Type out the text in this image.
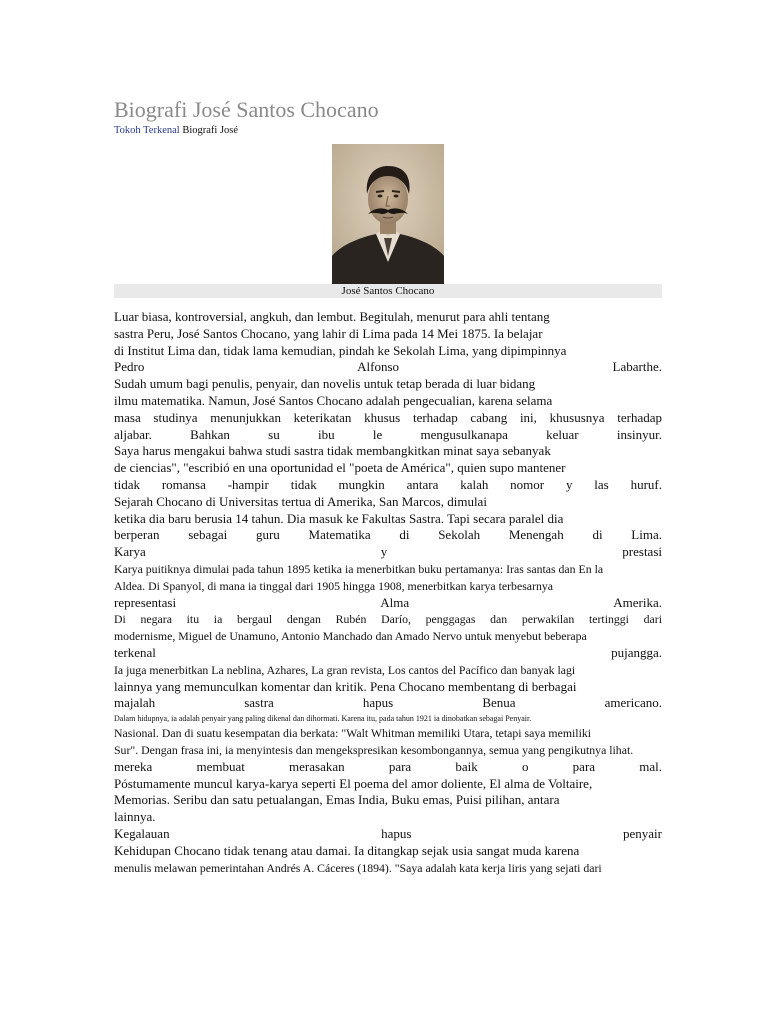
Biografi José Santos Chocano
Tokoh Terkenal Biografi José
José Santos Chocano
Luar biasa, kontroversial, angkuh, dan lembut. Begitulah, menurut para ahli tentang
sastra Peru, José Santos Chocano, yang lahir di Lima pada 14 Mei 1875. Ia belajar
di Institut Lima dan, tidak lama kemudian, pindah ke Sekolah Lima, yang dipimpinnya
Pedro Alfonso Labarthe.
Sudah umum bagi penulis, penyair, dan novelis untuk tetap berada di luar bidang
ilmu matematika. Namun, José Santos Chocano adalah pengecualian, karena selama
masa studinya menunjukkan keterikatan khusus terhadap cabang ini, khususnya terhadap
aljabar. Bahkan su ibu le mengusulkanapa keluar insinyur.
Saya harus mengakui bahwa studi sastra tidak membangkitkan minat saya sebanyak
de ciencias", "escribió en una oportunidad el "poeta de América", quien supo mantener
tidak romansa -hampir tidak mungkin antara kalah nomor y las huruf.
Sejarah Chocano di Universitas tertua di Amerika, San Marcos, dimulai
ketika dia baru berusia 14 tahun. Dia masuk ke Fakultas Sastra. Tapi secara paralel dia
berperan sebagai guru Matematika di Sekolah Menengah di Lima.
Karya y prestasi
Karya puitiknya dimulai pada tahun 1895 ketika ia menerbitkan buku pertamanya: Iras santas dan En la
Aldea. Di Spanyol, di mana ia tinggal dari 1905 hingga 1908, menerbitkan karya terbesarnya
representasi Alma Amerika.
Di negara itu ia bergaul dengan Rubén Darío, penggagas dan perwakilan tertinggi dari
modernisme, Miguel de Unamuno, Antonio Manchado dan Amado Nervo untuk menyebut beberapa
terkenal pujangga.
Ia juga menerbitkan La neblina, Azhares, La gran revista, Los cantos del Pacífico dan banyak lagi
lainnya yang memunculkan komentar dan kritik. Pena Chocano membentang di berbagai
majalah sastra hapus Benua americano.
Dalam hidupnya, ia adalah penyair yang paling dikenal dan dihormati. Karena itu, pada tahun 1921 ia dinobatkan sebagai Penyair.
Nasional. Dan di suatu kesempatan dia berkata: "Walt Whitman memiliki Utara, tetapi saya memiliki
Sur". Dengan frasa ini, ia menyintesis dan mengekspresikan kesombongannya, semua yang pengikutnya lihat.
mereka membuat merasakan para baik o para mal.
Póstumamente muncul karya-karya seperti El poema del amor doliente, El alma de Voltaire,
Memorias. Seribu dan satu petualangan, Emas India, Buku emas, Puisi pilihan, antara
lainnya.
Kegalauan hapus penyair
Kehidupan Chocano tidak tenang atau damai. Ia ditangkap sejak usia sangat muda karena
menulis melawan pemerintahan Andrés A. Cáceres (1894). "Saya adalah kata kerja liris yang sejati dari
